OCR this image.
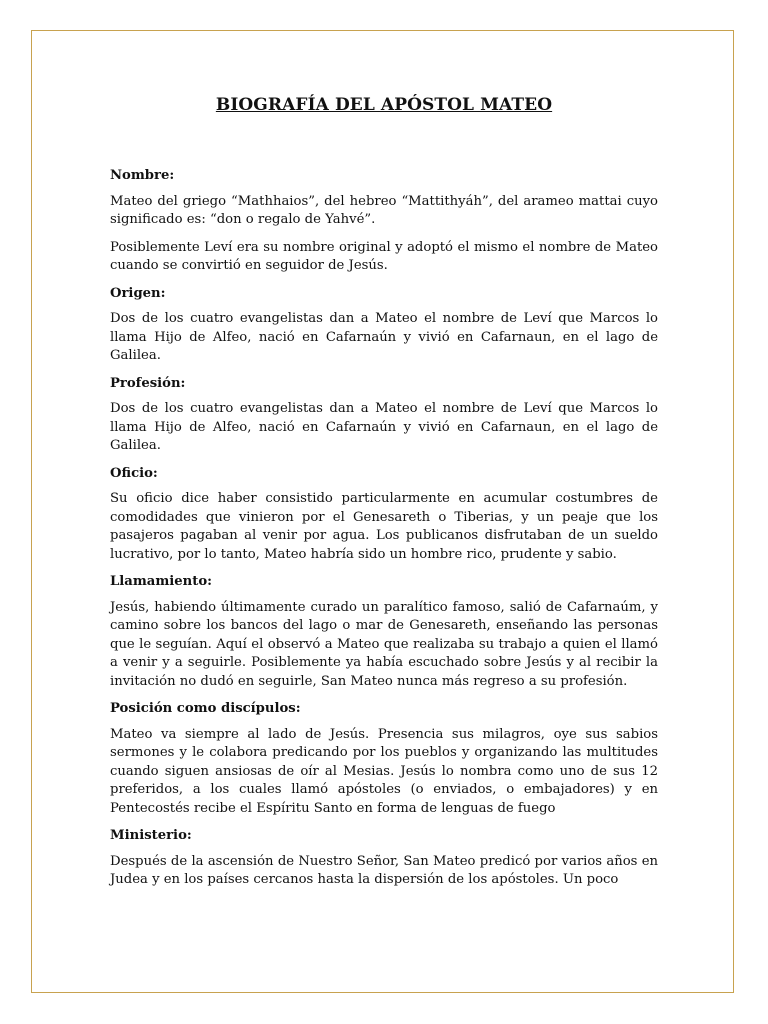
BIOGRAFÍA DEL APÓSTOL MATEO
Nombre:

Mateo del griego “Mathhaios”, del hebreo “Mattithyáh”, del arameo mattai cuyo significado es: “don o regalo de Yahvé”.

Posiblemente Leví era su nombre original y adoptó el mismo el nombre de Mateo cuando se convirtió en seguidor de Jesús.

Origen:

Dos de los cuatro evangelistas dan a Mateo el nombre de Leví que Marcos lo llama Hijo de Alfeo, nació en Cafarnaún y vivió en Cafarnaun, en el lago de Galilea.

Profesión:

Dos de los cuatro evangelistas dan a Mateo el nombre de Leví que Marcos lo llama Hijo de Alfeo, nació en Cafarnaún y vivió en Cafarnaun, en el lago de Galilea.

Oficio:

Su oficio dice haber consistido particularmente en acumular costumbres de comodidades que vinieron por el Genesareth o Tiberias, y un peaje que los pasajeros pagaban al venir por agua. Los publicanos disfrutaban de un sueldo lucrativo, por lo tanto, Mateo habría sido un hombre rico, prudente y sabio.

Llamamiento:

Jesús, habiendo últimamente curado un paralítico famoso, salió de Cafarnaúm, y camino sobre los bancos del lago o mar de Genesareth, enseñando las personas que le seguían. Aquí el observó a Mateo que realizaba su trabajo a quien el llamó a venir y a seguirle. Posiblemente ya había escuchado sobre Jesús y al recibir la invitación no dudó en seguirle, San Mateo nunca más regreso a su profesión.

Posición como discípulos:

Mateo va siempre al lado de Jesús. Presencia sus milagros, oye sus sabios sermones y le colabora predicando por los pueblos y organizando las multitudes cuando siguen ansiosas de oír al Mesias. Jesús lo nombra como uno de sus 12 preferidos, a los cuales llamó apóstoles (o enviados, o embajadores) y en Pentecostés recibe el Espíritu Santo en forma de lenguas de fuego

Ministerio:

Después de la ascensión de Nuestro Señor, San Mateo predicó por varios años en Judea y en los países cercanos hasta la dispersión de los apóstoles. Un poco
